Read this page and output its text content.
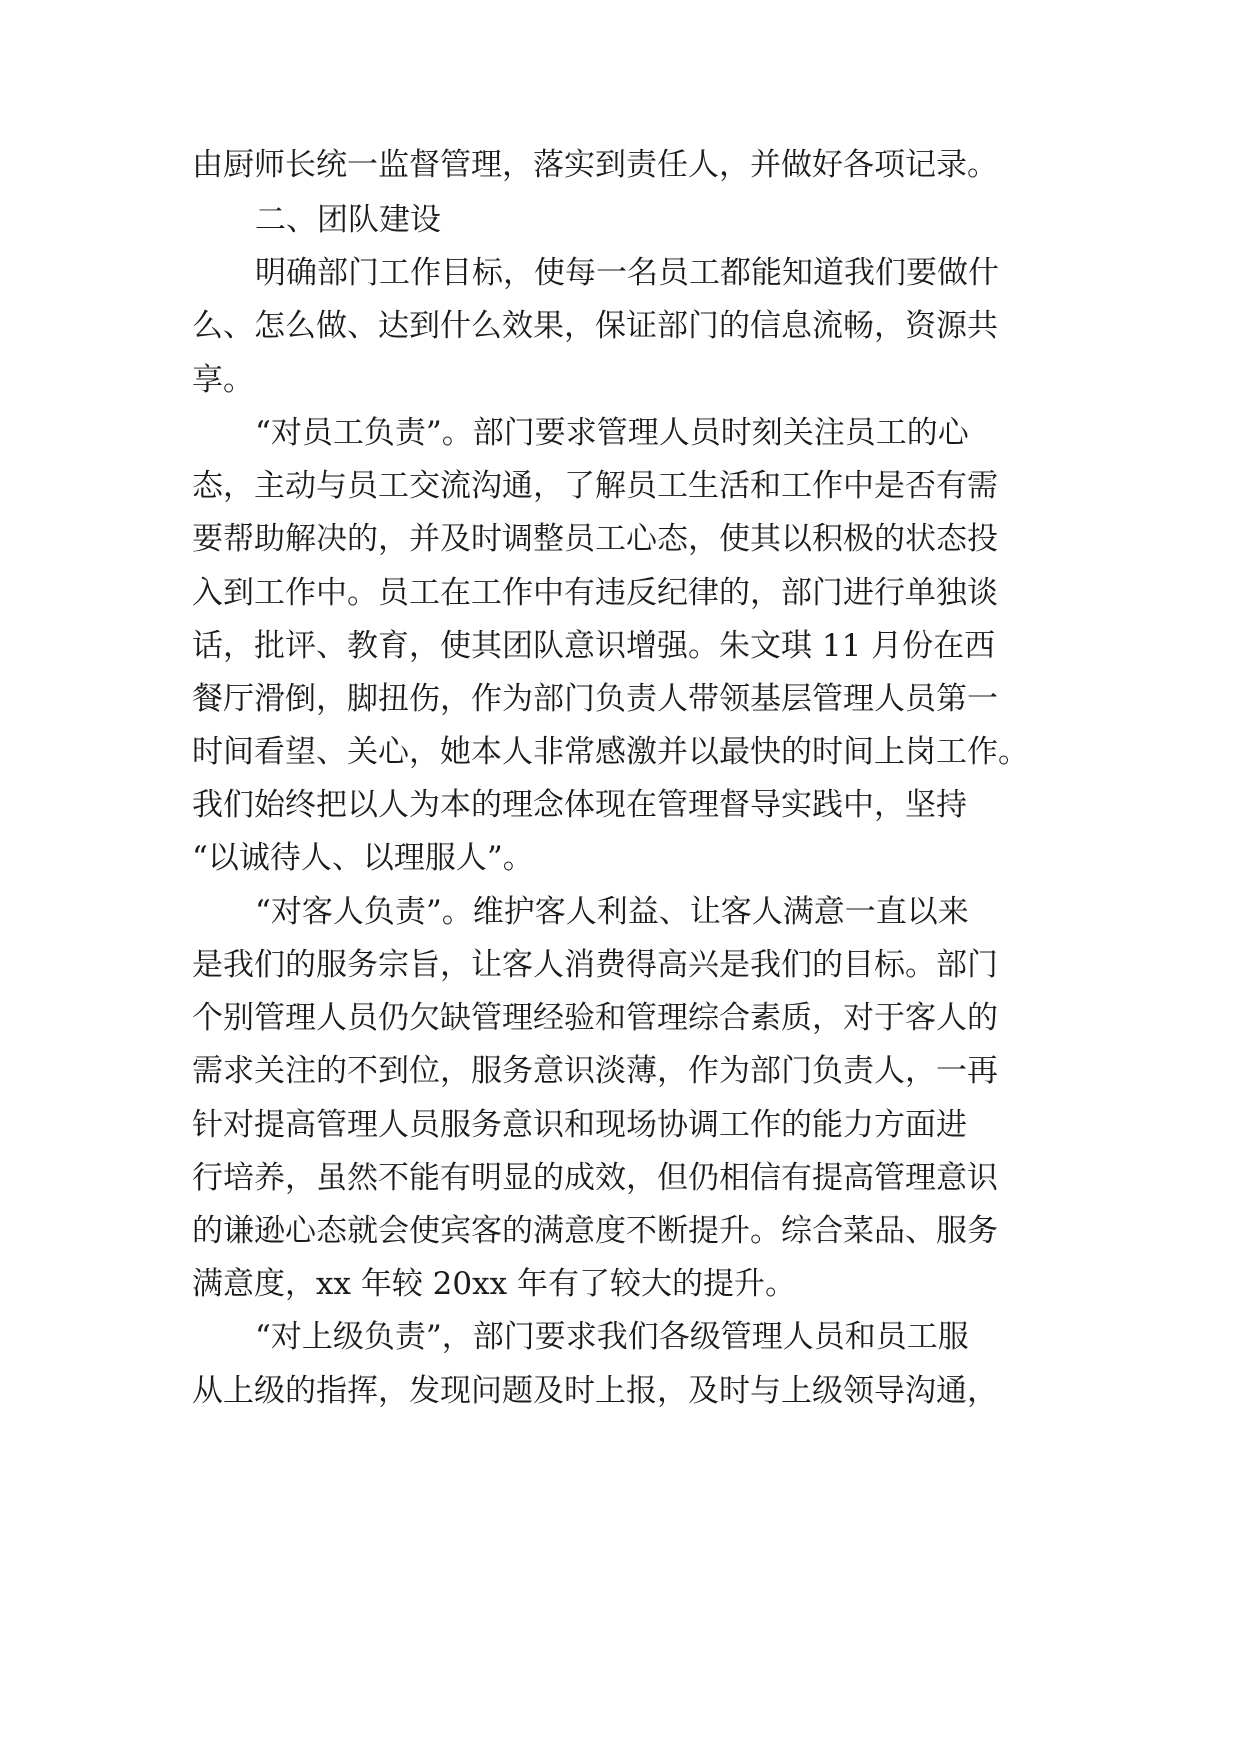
由厨师长统一监督管理，落实到责任人，并做好各项记录。
二、团队建设
明确部门工作目标，使每一名员工都能知道我们要做什
么、怎么做、达到什么效果，保证部门的信息流畅，资源共
享。
“对员工负责”。部门要求管理人员时刻关注员工的心
态，主动与员工交流沟通，了解员工生活和工作中是否有需
要帮助解决的，并及时调整员工心态，使其以积极的状态投
入到工作中。员工在工作中有违反纪律的，部门进行单独谈
话，批评、教育，使其团队意识增强。朱文琪 11 月份在西
餐厅滑倒，脚扭伤，作为部门负责人带领基层管理人员第一
时间看望、关心，她本人非常感激并以最快的时间上岗工作。
我们始终把以人为本的理念体现在管理督导实践中，坚持
“以诚待人、以理服人”。
“对客人负责”。维护客人利益、让客人满意一直以来
是我们的服务宗旨，让客人消费得高兴是我们的目标。部门
个别管理人员仍欠缺管理经验和管理综合素质，对于客人的
需求关注的不到位，服务意识淡薄，作为部门负责人，一再
针对提高管理人员服务意识和现场协调工作的能力方面进
行培养，虽然不能有明显的成效，但仍相信有提高管理意识
的谦逊心态就会使宾客的满意度不断提升。综合菜品、服务
满意度，xx 年较 20xx 年有了较大的提升。
“对上级负责”，部门要求我们各级管理人员和员工服
从上级的指挥，发现问题及时上报，及时与上级领导沟通，
